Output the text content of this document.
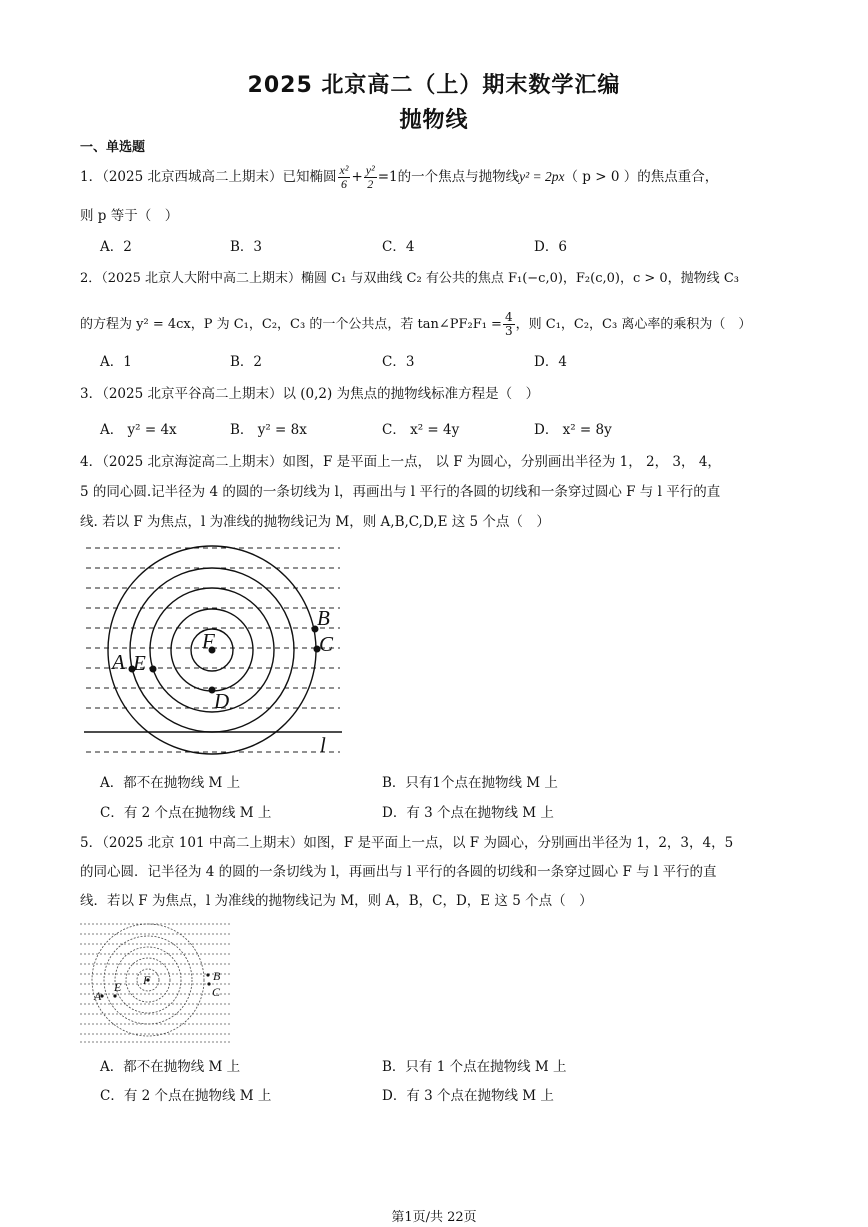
2025 北京高二（上）期末数学汇编
抛物线
一、单选题
1．（2025 北京西城高二上期末）已知椭圆 $\frac{\text{x²}}{6} + \frac{\text{y²}}{2} =1$的一个焦点与抛物线y² = 2px（ p > 0 ）的焦点重合，
则 p 等于（　）
A．2	B．3	C．4	D．6
2．（2025 北京人大附中高二上期末）椭圆 C₁ 与双曲线 C₂ 有公共的焦点 F₁(−c,0)，F₂(c,0)，c > 0，抛物线 C₃
的方程为 y² = 4cx，P 为 C₁，C₂，C₃ 的一个公共点，若 tan∠PF₂F₁ = $\frac{4}{3}$ ，则 C₁，C₂，C₃ 离心率的乘积为（　）
A．1	B．2	C．3	D．4
3．（2025 北京平谷高二上期末）以 (0,2) 为焦点的抛物线标准方程是（　）
A． y² = 4x	B． y² = 8x	C． x² = 4y	D． x² = 8y
4．（2025 北京海淀高二上期末）如图，F 是平面上一点， 以 F 为圆心，分别画出半径为 1， 2， 3， 4，
5 的同心圆.记半径为 4 的圆的一条切线为 l，再画出与 l 平行的各圆的切线和一条穿过圆心 F 与 l 平行的直
线. 若以 F 为焦点，l 为准线的抛物线记为 M，则 A,B,C,D,E 这 5 个点（　）
F
A E
B
C
D
l
A．都不在抛物线 M 上	B．只有1个点在抛物线 M 上
C．有 2 个点在抛物线 M 上	D．有 3 个点在抛物线 M 上
5．（2025 北京 101 中高二上期末）如图，F 是平面上一点，以 F 为圆心，分别画出半径为 1，2，3，4，5
的同心圆．记半径为 4 的圆的一条切线为 l，再画出与 l 平行的各圆的切线和一条穿过圆心 F 与 l 平行的直
线．若以 F 为焦点，l 为准线的抛物线记为 M，则 A，B，C，D，E 这 5 个点（　）
F
A
E
B
C
A．都不在抛物线 M 上	B．只有 1 个点在抛物线 M 上
C．有 2 个点在抛物线 M 上	D．有 3 个点在抛物线 M 上
第1页/共 22页
